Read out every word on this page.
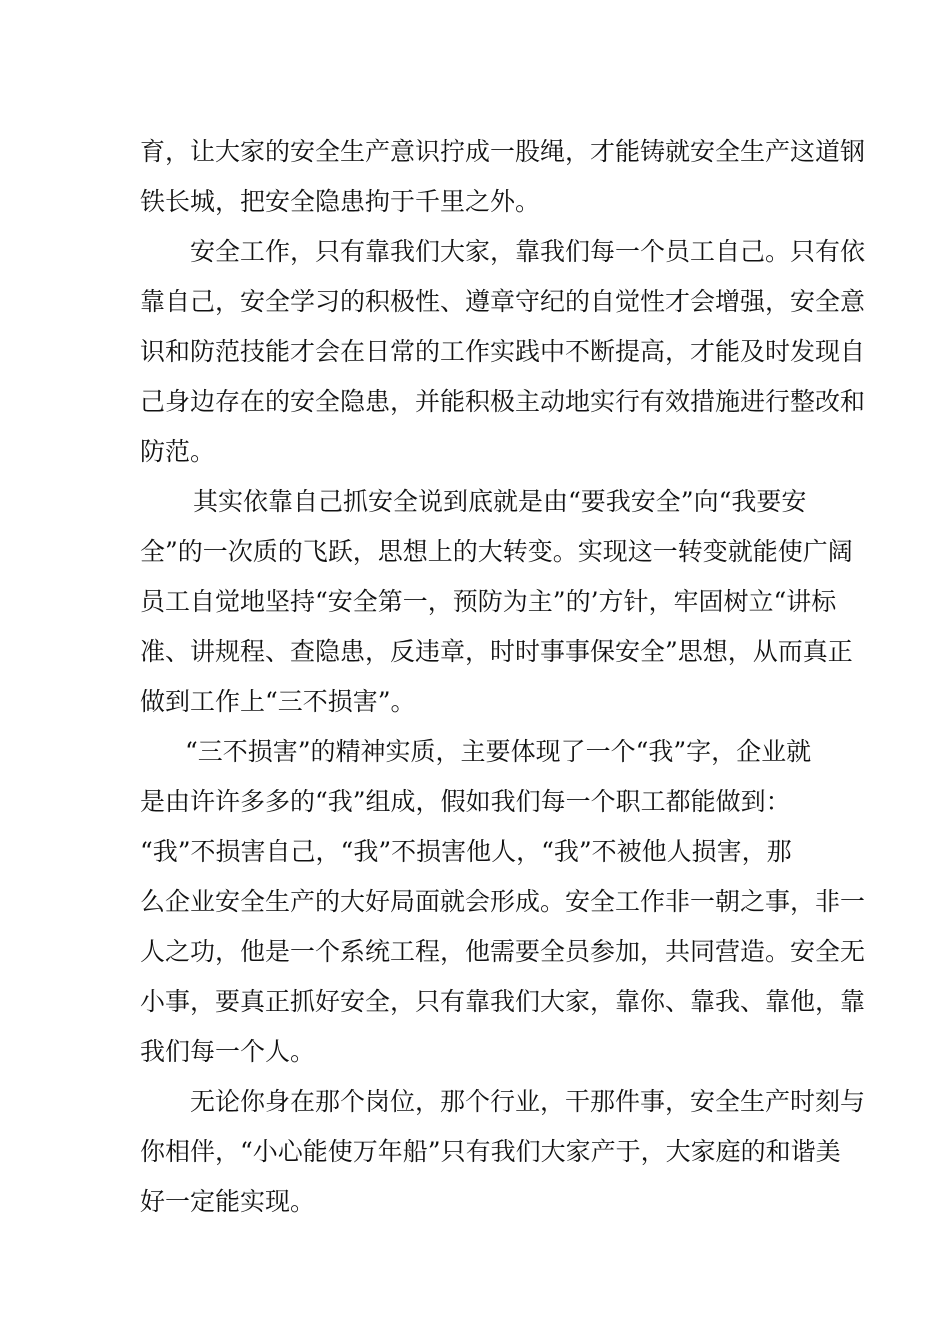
育，让大家的安全生产意识拧成一股绳，才能铸就安全生产这道钢
铁长城，把安全隐患拘于千里之外。
安全工作，只有靠我们大家，靠我们每一个员工自己。只有依
靠自己，安全学习的积极性、遵章守纪的自觉性才会增强，安全意
识和防范技能才会在日常的工作实践中不断提高，才能及时发现自
己身边存在的安全隐患，并能积极主动地实行有效措施进行整改和
防范。
其实依靠自己抓安全说到底就是由“要我安全”向“我要安
全”的一次质的飞跃，思想上的大转变。实现这一转变就能使广阔
员工自觉地坚持“安全第一，预防为主”的’方针，牢固树立“讲标
准、讲规程、查隐患，反违章，时时事事保安全”思想，从而真正
做到工作上“三不损害”。
“三不损害”的精神实质，主要体现了一个“我”字，企业就
是由许许多多的“我”组成，假如我们每一个职工都能做到：
“我”不损害自己，“我”不损害他人，“我”不被他人损害，那
么企业安全生产的大好局面就会形成。安全工作非一朝之事，非一
人之功，他是一个系统工程，他需要全员参加，共同营造。安全无
小事，要真正抓好安全，只有靠我们大家，靠你、靠我、靠他，靠
我们每一个人。
无论你身在那个岗位，那个行业，干那件事，安全生产时刻与
你相伴，“小心能使万年船”只有我们大家产于，大家庭的和谐美
好一定能实现。
